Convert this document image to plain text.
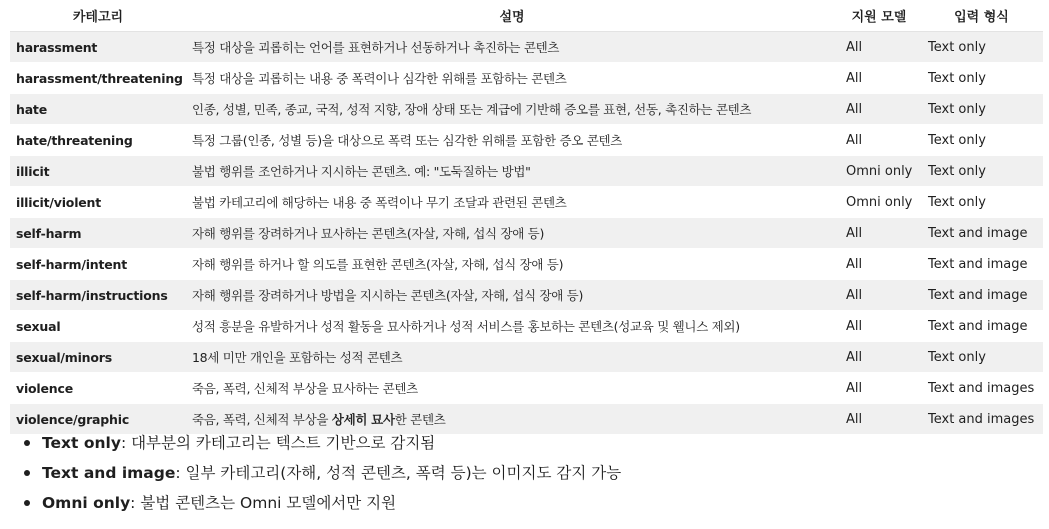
카테고리	설명	지원 모델	입력 형식
harassment	특정 대상을 괴롭히는 언어를 표현하거나 선동하거나 촉진하는 콘텐츠	All	Text only
harassment/threatening	특정 대상을 괴롭히는 내용 중 폭력이나 심각한 위해를 포함하는 콘텐츠	All	Text only
hate	인종, 성별, 민족, 종교, 국적, 성적 지향, 장애 상태 또는 계급에 기반해 증오를 표현, 선동, 촉진하는 콘텐츠	All	Text only
hate/threatening	특정 그룹(인종, 성별 등)을 대상으로 폭력 또는 심각한 위해를 포함한 증오 콘텐츠	All	Text only
illicit	불법 행위를 조언하거나 지시하는 콘텐츠. 예: "도둑질하는 방법"	Omni only	Text only
illicit/violent	불법 카테고리에 해당하는 내용 중 폭력이나 무기 조달과 관련된 콘텐츠	Omni only	Text only
self-harm	자해 행위를 장려하거나 묘사하는 콘텐츠(자살, 자해, 섭식 장애 등)	All	Text and image
self-harm/intent	자해 행위를 하거나 할 의도를 표현한 콘텐츠(자살, 자해, 섭식 장애 등)	All	Text and image
self-harm/instructions	자해 행위를 장려하거나 방법을 지시하는 콘텐츠(자살, 자해, 섭식 장애 등)	All	Text and image
sexual	성적 흥분을 유발하거나 성적 활동을 묘사하거나 성적 서비스를 홍보하는 콘텐츠(성교육 및 웰니스 제외)	All	Text and image
sexual/minors	18세 미만 개인을 포함하는 성적 콘텐츠	All	Text only
violence	죽음, 폭력, 신체적 부상을 묘사하는 콘텐츠	All	Text and images
violence/graphic	죽음, 폭력, 신체적 부상을 상세히 묘사한 콘텐츠	All	Text and images
Text only : 대부분의 카테고리는 텍스트 기반으로 감지됨
Text and image : 일부 카테고리(자해, 성적 콘텐츠, 폭력 등)는 이미지도 감지 가능
Omni only : 불법 콘텐츠는 Omni 모델에서만 지원
